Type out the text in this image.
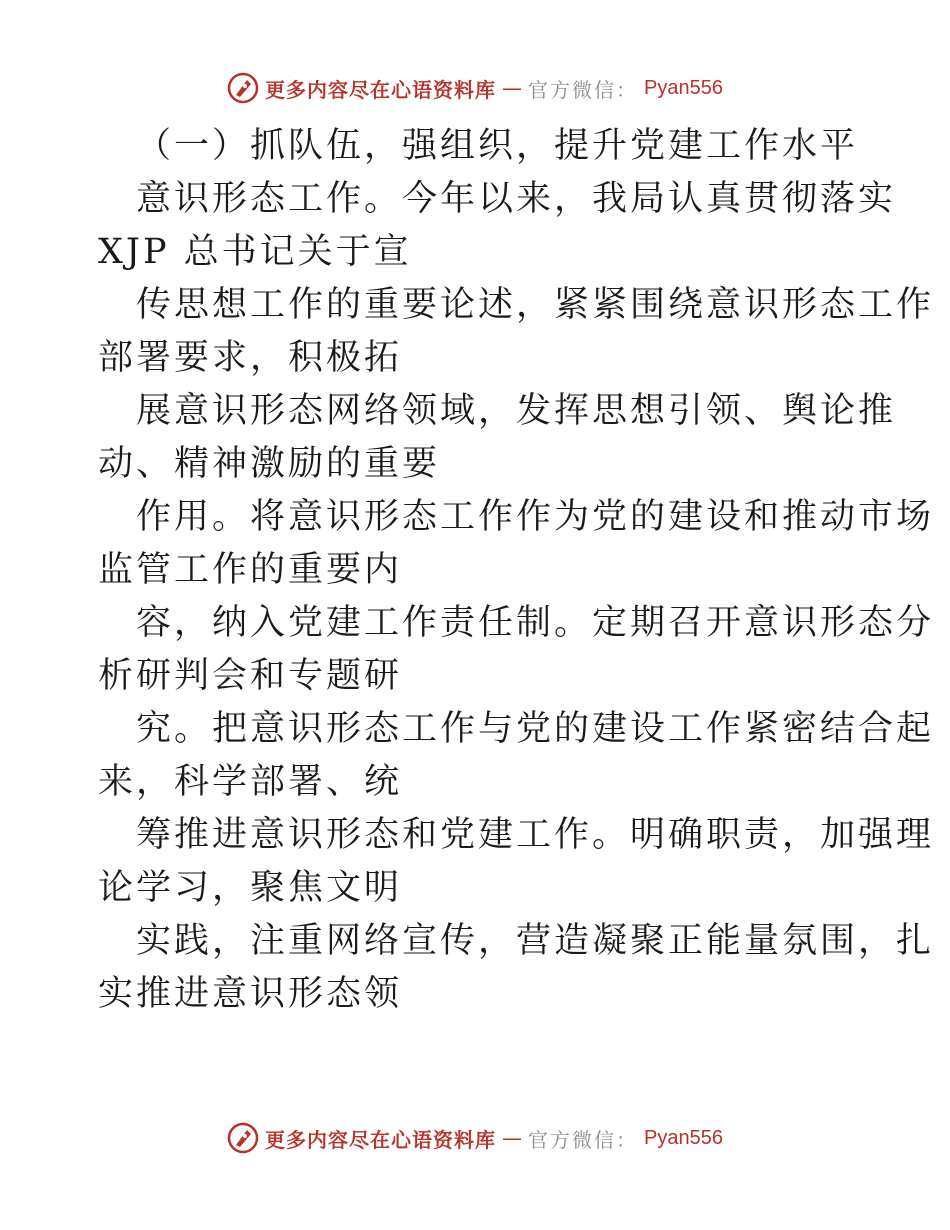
更多内容尽在心语资料库 — 官方微信： Pyan556
（一）抓队伍，强组织，提升党建工作水平
意识形态工作。今年以来，我局认真贯彻落实
XJP 总书记关于宣
传思想工作的重要论述，紧紧围绕意识形态工作
部署要求，积极拓
展意识形态网络领域，发挥思想引领、舆论推
动、精神激励的重要
作用。将意识形态工作作为党的建设和推动市场
监管工作的重要内
容，纳入党建工作责任制。定期召开意识形态分
析研判会和专题研
究。把意识形态工作与党的建设工作紧密结合起
来，科学部署、统
筹推进意识形态和党建工作。明确职责，加强理
论学习，聚焦文明
实践，注重网络宣传，营造凝聚正能量氛围，扎
实推进意识形态领
更多内容尽在心语资料库 — 官方微信： Pyan556
